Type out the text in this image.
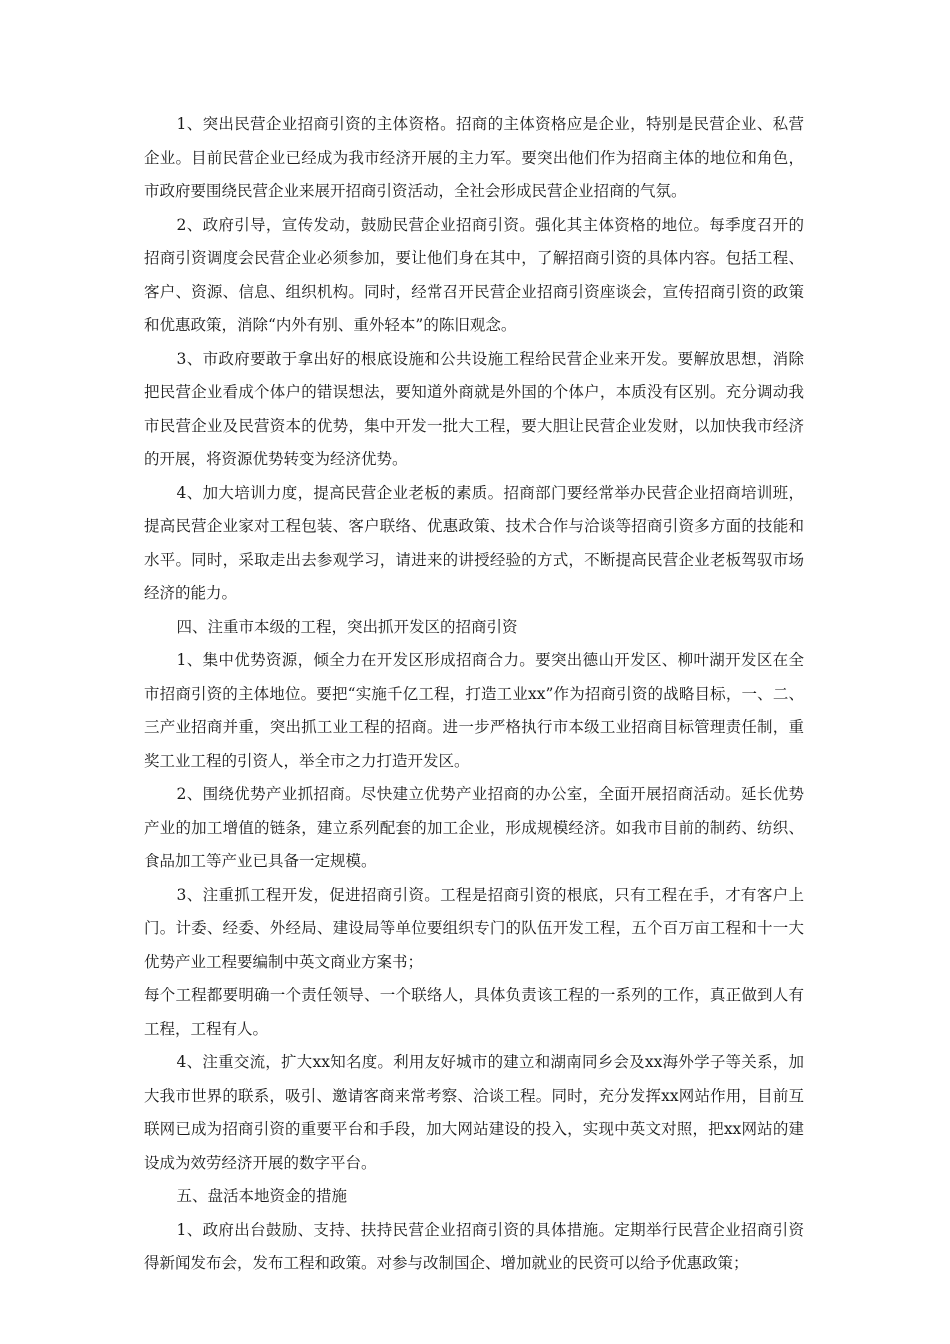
1、突出民营企业招商引资的主体资格。招商的主体资格应是企业，特别是民营企业、私营企业。目前民营企业已经成为我市经济开展的主力军。要突出他们作为招商主体的地位和角色，市政府要围绕民营企业来展开招商引资活动，全社会形成民营企业招商的气氛。

2、政府引导，宣传发动，鼓励民营企业招商引资。强化其主体资格的地位。每季度召开的招商引资调度会民营企业必须参加，要让他们身在其中，了解招商引资的具体内容。包括工程、客户、资源、信息、组织机构。同时，经常召开民营企业招商引资座谈会，宣传招商引资的政策和优惠政策，消除“内外有别、重外轻本”的陈旧观念。

3、市政府要敢于拿出好的根底设施和公共设施工程给民营企业来开发。要解放思想，消除把民营企业看成个体户的错误想法，要知道外商就是外国的个体户，本质没有区别。充分调动我市民营企业及民营资本的优势，集中开发一批大工程，要大胆让民营企业发财，以加快我市经济的开展，将资源优势转变为经济优势。

4、加大培训力度，提高民营企业老板的素质。招商部门要经常举办民营企业招商培训班，提高民营企业家对工程包装、客户联络、优惠政策、技术合作与洽谈等招商引资多方面的技能和水平。同时，采取走出去参观学习，请进来的讲授经验的方式，不断提高民营企业老板驾驭市场经济的能力。

四、注重市本级的工程，突出抓开发区的招商引资

1、集中优势资源，倾全力在开发区形成招商合力。要突出德山开发区、柳叶湖开发区在全市招商引资的主体地位。要把“实施千亿工程，打造工业xx”作为招商引资的战略目标，一、二、三产业招商并重，突出抓工业工程的招商。进一步严格执行市本级工业招商目标管理责任制，重奖工业工程的引资人，举全市之力打造开发区。

2、围绕优势产业抓招商。尽快建立优势产业招商的办公室，全面开展招商活动。延长优势产业的加工增值的链条，建立系列配套的加工企业，形成规模经济。如我市目前的制药、纺织、食品加工等产业已具备一定规模。

3、注重抓工程开发，促进招商引资。工程是招商引资的根底，只有工程在手，才有客户上门。计委、经委、外经局、建设局等单位要组织专门的队伍开发工程，五个百万亩工程和十一大优势产业工程要编制中英文商业方案书；

每个工程都要明确一个责任领导、一个联络人，具体负责该工程的一系列的工作，真正做到人有工程，工程有人。

4、注重交流，扩大xx知名度。利用友好城市的建立和湖南同乡会及xx海外学子等关系，加大我市世界的联系，吸引、邀请客商来常考察、洽谈工程。同时，充分发挥xx网站作用，目前互联网已成为招商引资的重要平台和手段，加大网站建设的投入，实现中英文对照，把xx网站的建设成为效劳经济开展的数字平台。

五、盘活本地资金的措施

1、政府出台鼓励、支持、扶持民营企业招商引资的具体措施。定期举行民营企业招商引资得新闻发布会，发布工程和政策。对参与改制国企、增加就业的民资可以给予优惠政策；
